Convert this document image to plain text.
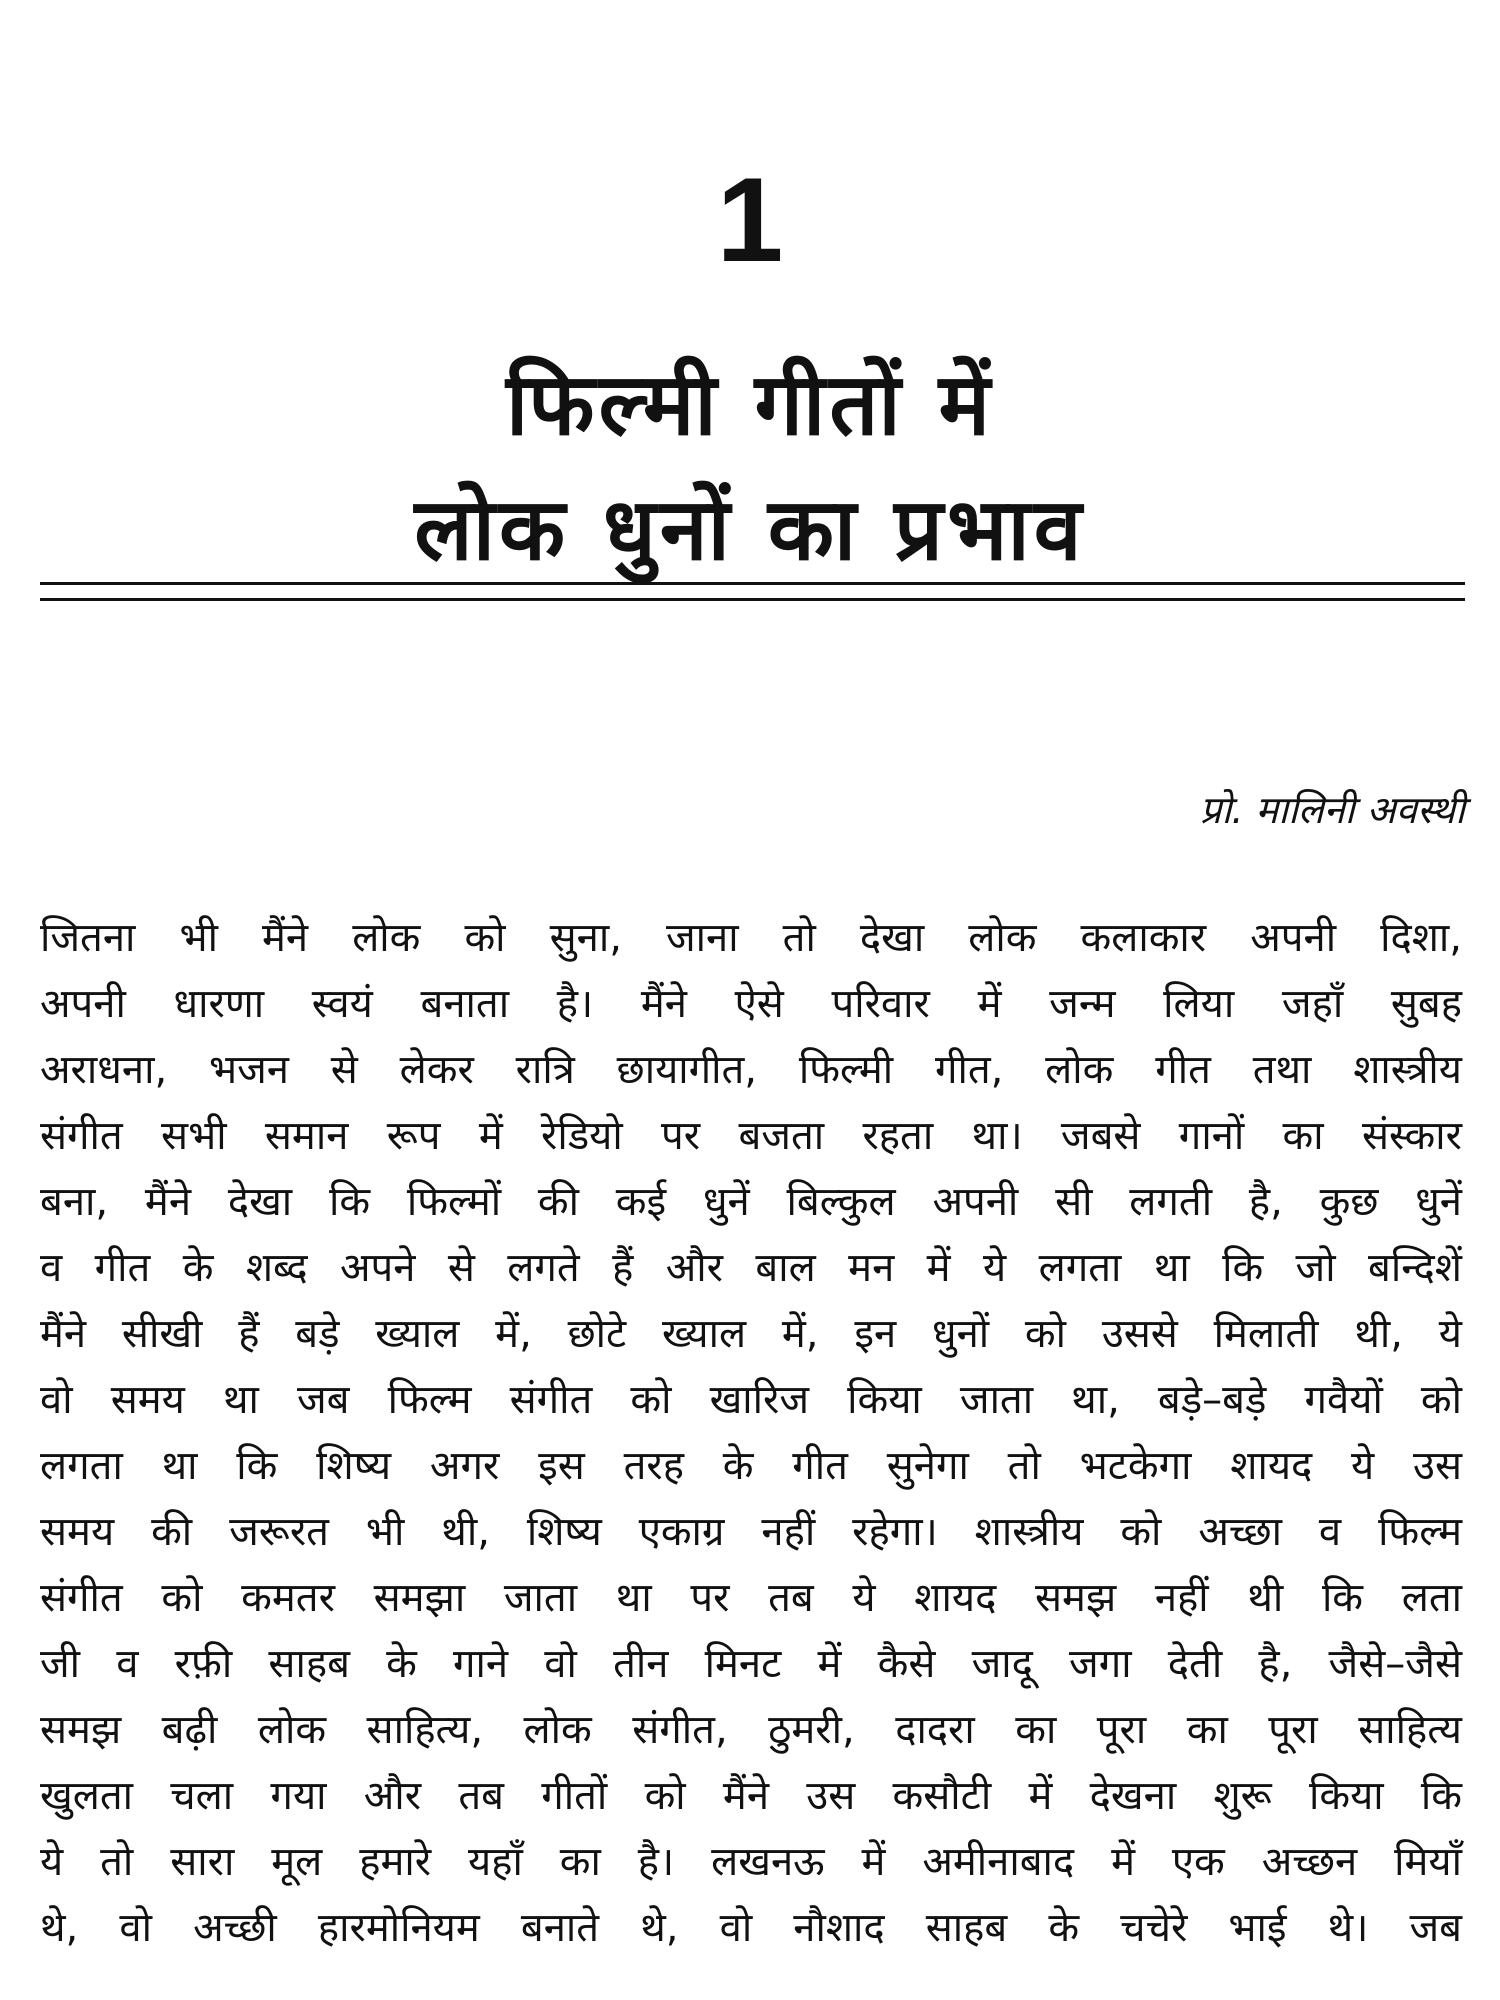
1
फिल्मी गीतों में
लोक धुनों का प्रभाव
प्रो. मालिनी अवस्थी
जितना भी मैंने लोक को सुना, जाना तो देखा लोक कलाकार अपनी दिशा,
अपनी धारणा स्वयं बनाता है। मैंने ऐसे परिवार में जन्म लिया जहाँ सुबह
अराधना, भजन से लेकर रात्रि छायागीत, फिल्मी गीत, लोक गीत तथा शास्त्रीय
संगीत सभी समान रूप में रेडियो पर बजता रहता था। जबसे गानों का संस्कार
बना, मैंने देखा कि फिल्मों की कई धुनें बिल्कुल अपनी सी लगती है, कुछ धुनें
व गीत के शब्द अपने से लगते हैं और बाल मन में ये लगता था कि जो बन्दिशें
मैंने सीखी हैं बड़े ख्याल में, छोटे ख्याल में, इन धुनों को उससे मिलाती थी, ये
वो समय था जब फिल्म संगीत को खारिज किया जाता था, बड़े–बड़े गवैयों को
लगता था कि शिष्य अगर इस तरह के गीत सुनेगा तो भटकेगा शायद ये उस
समय की जरूरत भी थी, शिष्य एकाग्र नहीं रहेगा। शास्त्रीय को अच्छा व फिल्म
संगीत को कमतर समझा जाता था पर तब ये शायद समझ नहीं थी कि लता
जी व रफ़ी साहब के गाने वो तीन मिनट में कैसे जादू जगा देती है, जैसे–जैसे
समझ बढ़ी लोक साहित्य, लोक संगीत, ठुमरी, दादरा का पूरा का पूरा साहित्य
खुलता चला गया और तब गीतों को मैंने उस कसौटी में देखना शुरू किया कि
ये तो सारा मूल हमारे यहाँ का है। लखनऊ में अमीनाबाद में एक अच्छन मियाँ
थे, वो अच्छी हारमोनियम बनाते थे, वो नौशाद साहब के चचेरे भाई थे। जब
